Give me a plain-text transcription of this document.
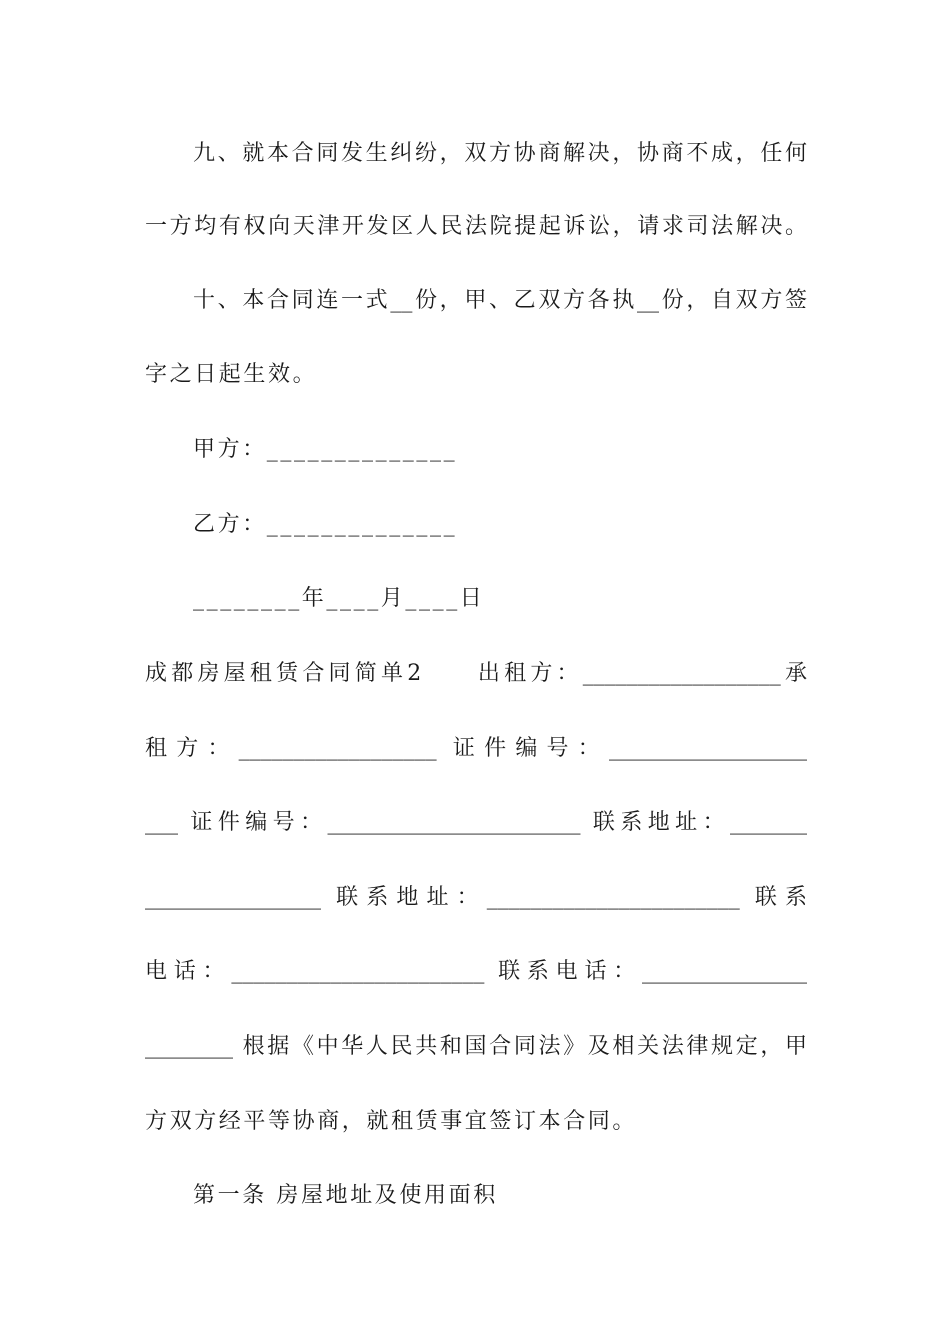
九、就本合同发生纠纷，双方协商解决，协商不成，任何
一方均有权向天津开发区人民法院提起诉讼，请求司法解决。
十、本合同连一式__份，甲、乙双方各执__份，自双方签
字之日起生效。
甲方：______________
乙方：______________
________年____月____日
成都房屋租赁合同简单2　　出租方：__________________承
租方：__________________ 证件编号：__________________
___ 证件编号：_______________________ 联系地址：_______
________________ 联系地址：_______________________ 联系
电话：_______________________ 联系电话：_______________
________ 根据《中华人民共和国合同法》及相关法律规定，甲
方双方经平等协商，就租赁事宜签订本合同。
第一条 房屋地址及使用面积
